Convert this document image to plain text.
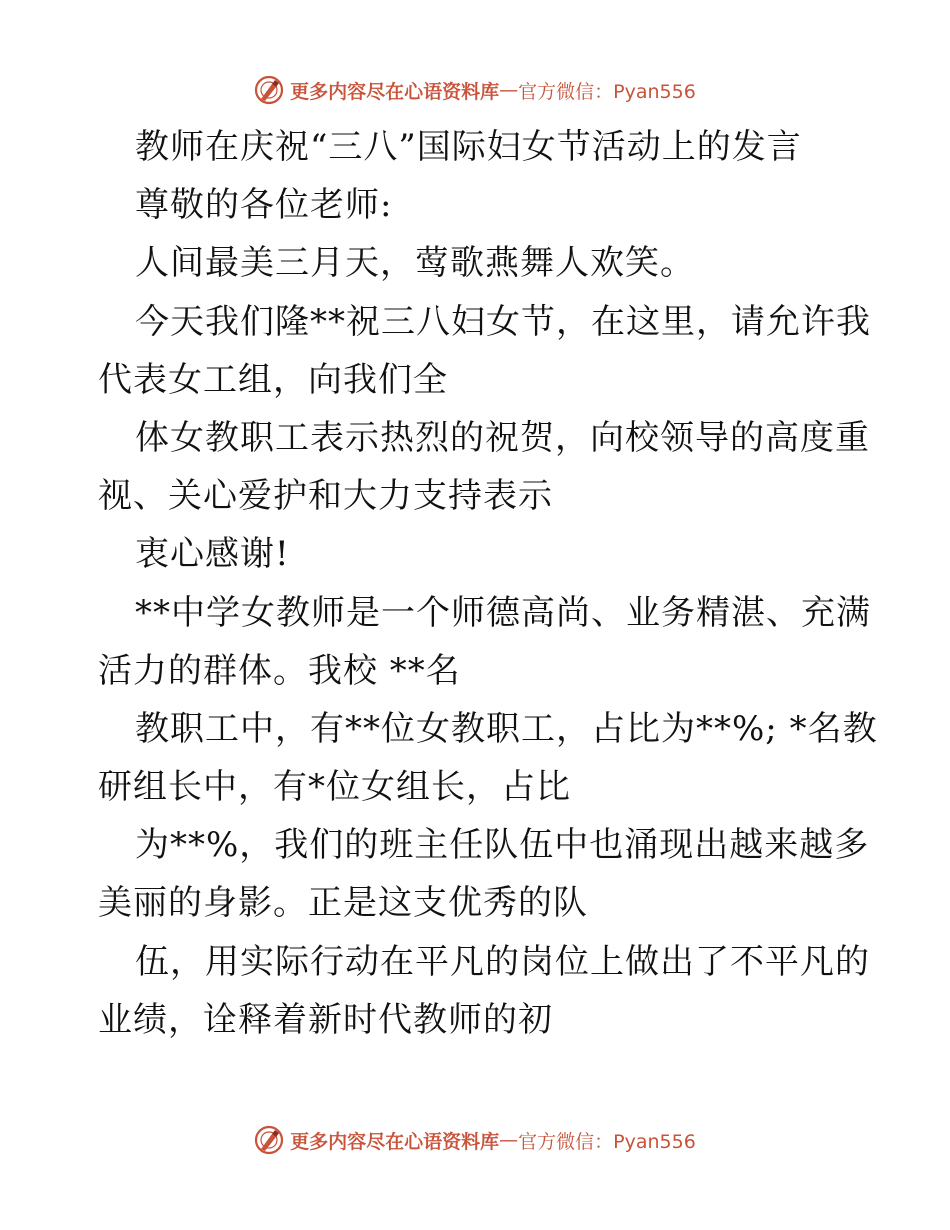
更多内容尽在心语资料库 — 官方微信：Pyan556
教师在庆祝“三八”国际妇女节活动上的发言
尊敬的各位老师:
人间最美三月天，莺歌燕舞人欢笑。
今天我们隆**祝三八妇女节，在这里，请允许我
代表女工组，向我们全
体女教职工表示热烈的祝贺，向校领导的高度重
视、关心爱护和大力支持表示
衷心感谢!
**中学女教师是一个师德高尚、业务精湛、充满
活力的群体。我校 **名
教职工中，有**位女教职工，占比为**%; *名教
研组长中，有*位女组长，占比
为**%，我们的班主任队伍中也涌现出越来越多
美丽的身影。正是这支优秀的队
伍，用实际行动在平凡的岗位上做出了不平凡的
业绩，诠释着新时代教师的初
更多内容尽在心语资料库 — 官方微信：Pyan556
